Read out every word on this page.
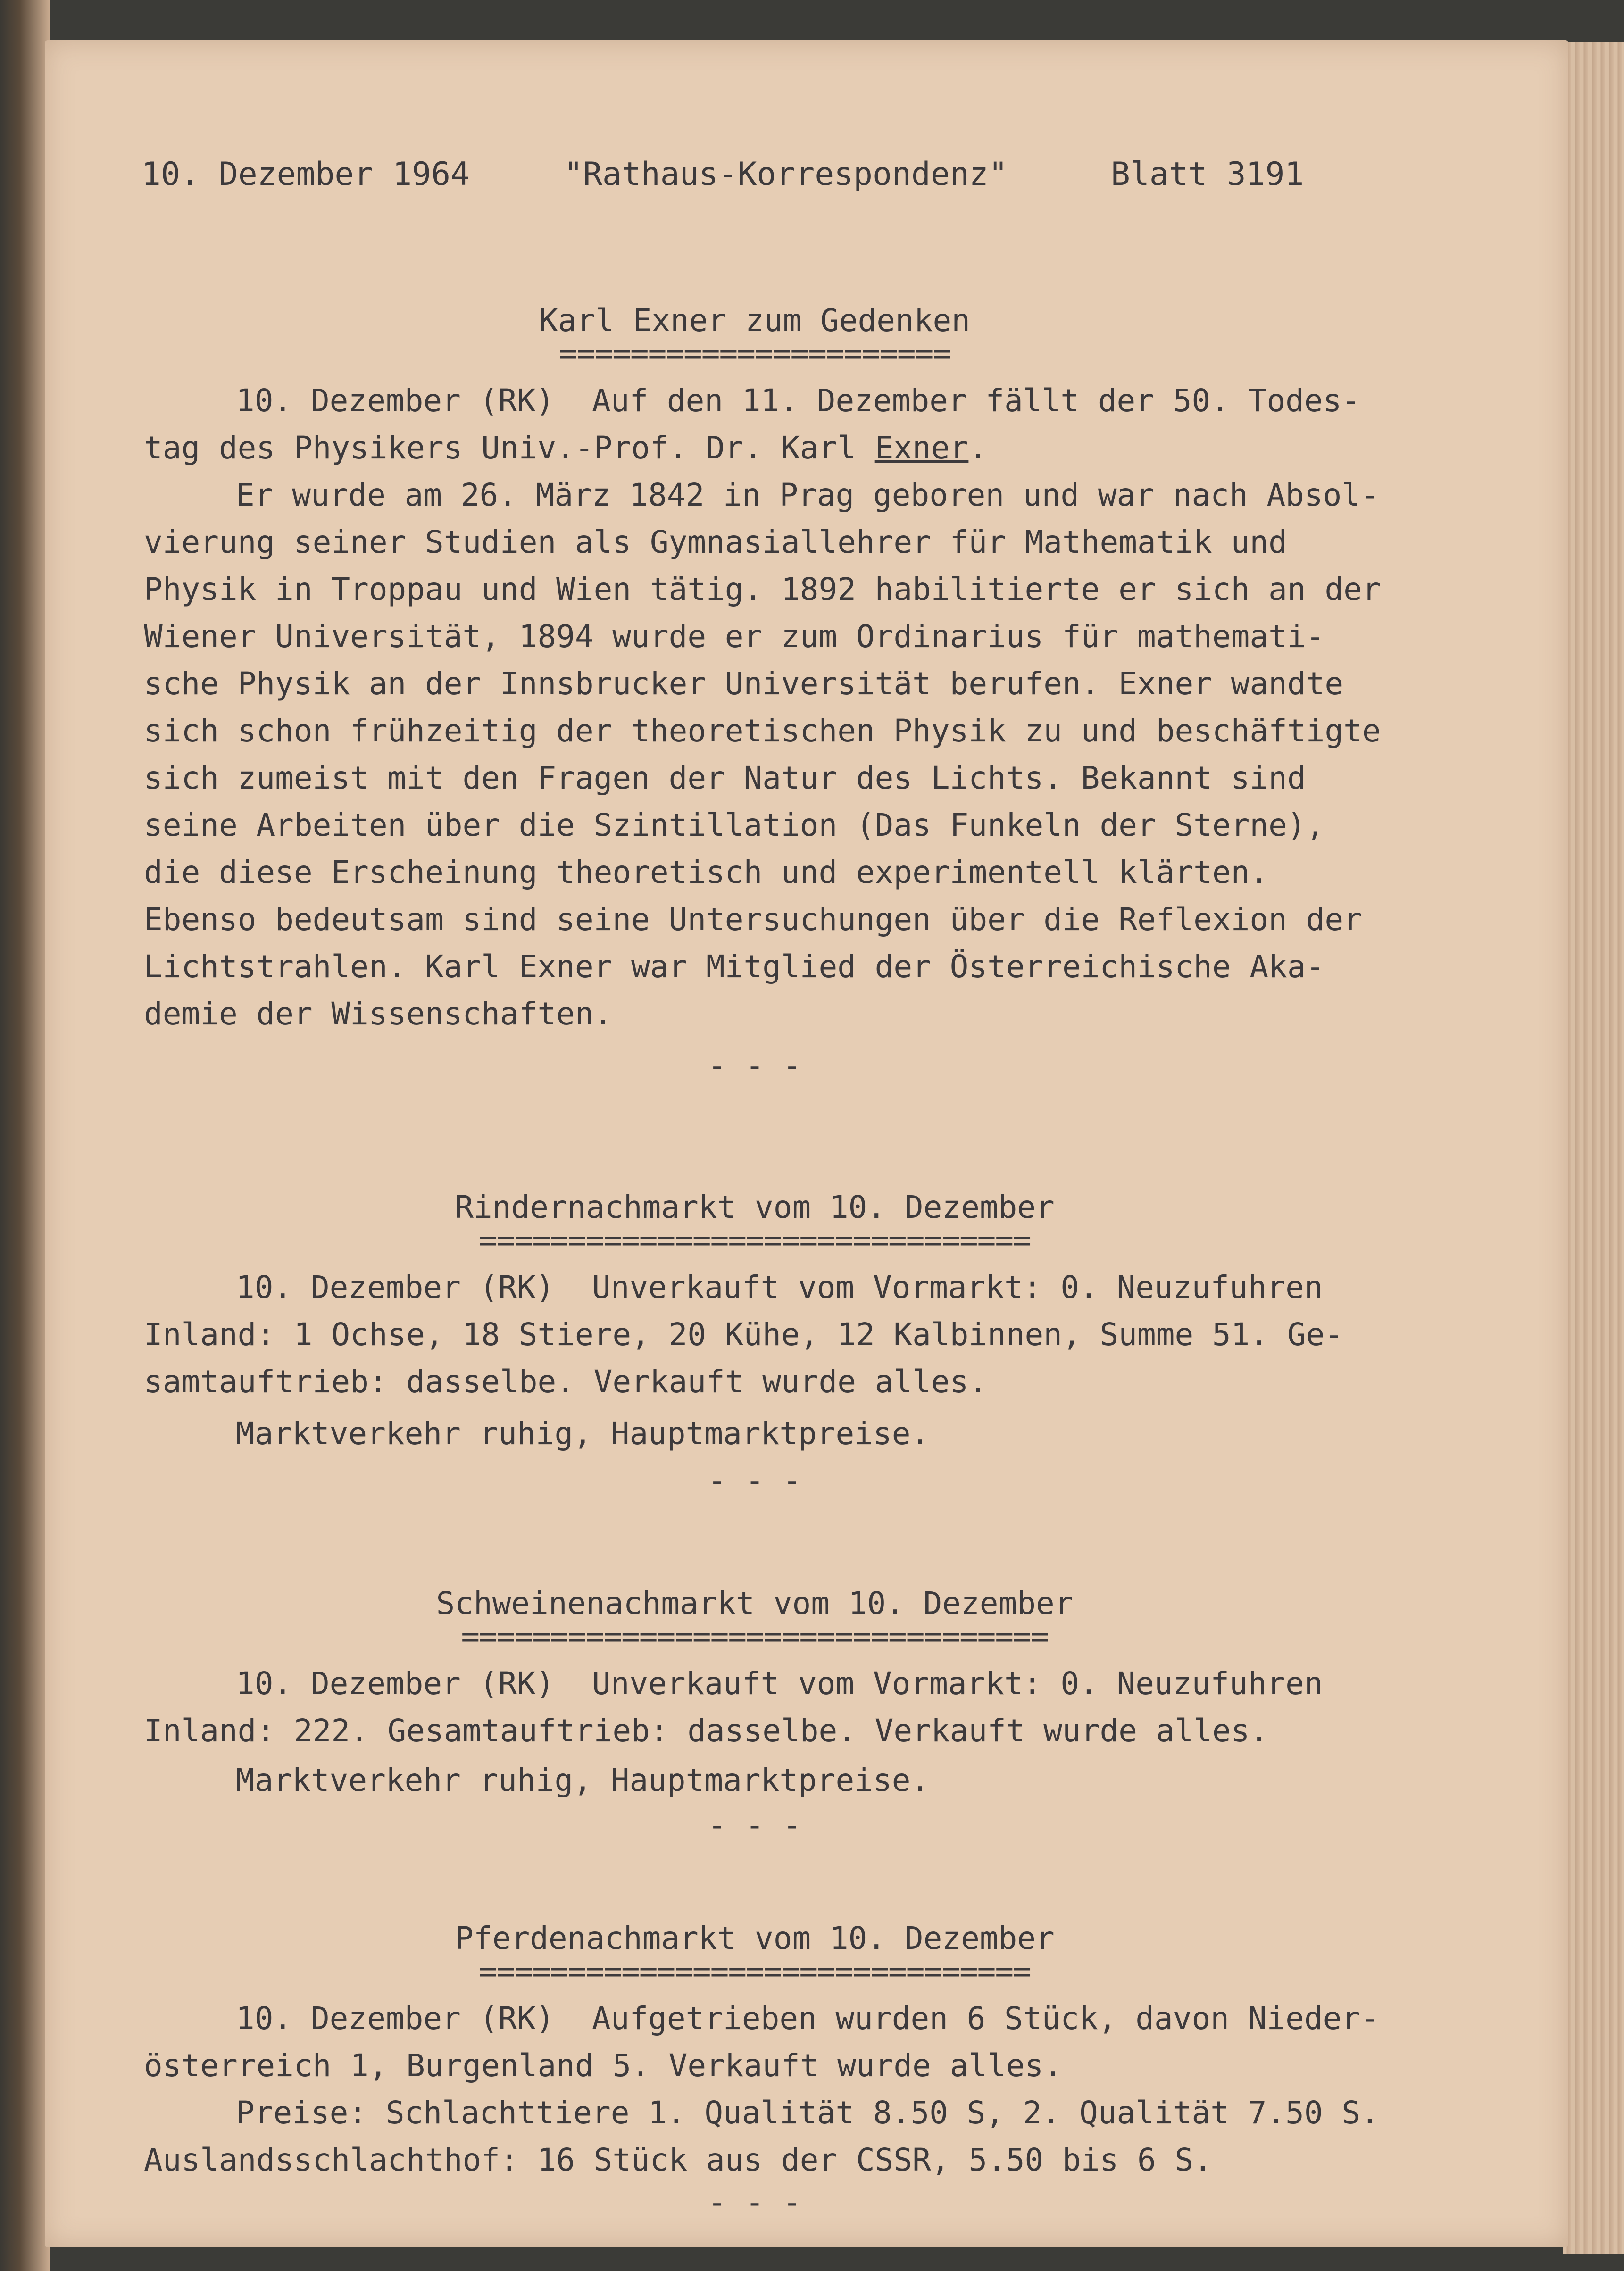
10. Dezember 1964	"Rathaus-Korrespondenz"	Blatt 3191
Karl Exner zum Gedenken
======================
10. Dezember (RK)  Auf den 11. Dezember fällt der 50. Todes-
tag des Physikers Univ.-Prof. Dr. Karl Exner.
Er wurde am 26. März 1842 in Prag geboren und war nach Absol-
vierung seiner Studien als Gymnasiallehrer für Mathematik und
Physik in Troppau und Wien tätig. 1892 habilitierte er sich an der
Wiener Universität, 1894 wurde er zum Ordinarius für mathemati-
sche Physik an der Innsbrucker Universität berufen. Exner wandte
sich schon frühzeitig der theoretischen Physik zu und beschäftigte
sich zumeist mit den Fragen der Natur des Lichts. Bekannt sind
seine Arbeiten über die Szintillation (Das Funkeln der Sterne),
die diese Erscheinung theoretisch und experimentell klärten.
Ebenso bedeutsam sind seine Untersuchungen über die Reflexion der
Lichtstrahlen. Karl Exner war Mitglied der Österreichische Aka-
demie der Wissenschaften.
- - -
Rindernachmarkt vom 10. Dezember
===============================
10. Dezember (RK)  Unverkauft vom Vormarkt: 0. Neuzufuhren
Inland: 1 Ochse, 18 Stiere, 20 Kühe, 12 Kalbinnen, Summe 51. Ge-
samtauftrieb: dasselbe. Verkauft wurde alles.
Marktverkehr ruhig, Hauptmarktpreise.
- - -
Schweinenachmarkt vom 10. Dezember
=================================
10. Dezember (RK)  Unverkauft vom Vormarkt: 0. Neuzufuhren
Inland: 222. Gesamtauftrieb: dasselbe. Verkauft wurde alles.
Marktverkehr ruhig, Hauptmarktpreise.
- - -
Pferdenachmarkt vom 10. Dezember
===============================
10. Dezember (RK)  Aufgetrieben wurden 6 Stück, davon Nieder-
österreich 1, Burgenland 5. Verkauft wurde alles.
Preise: Schlachttiere 1. Qualität 8.50 S, 2. Qualität 7.50 S.
Auslandsschlachthof: 16 Stück aus der CSSR, 5.50 bis 6 S.
- - -
